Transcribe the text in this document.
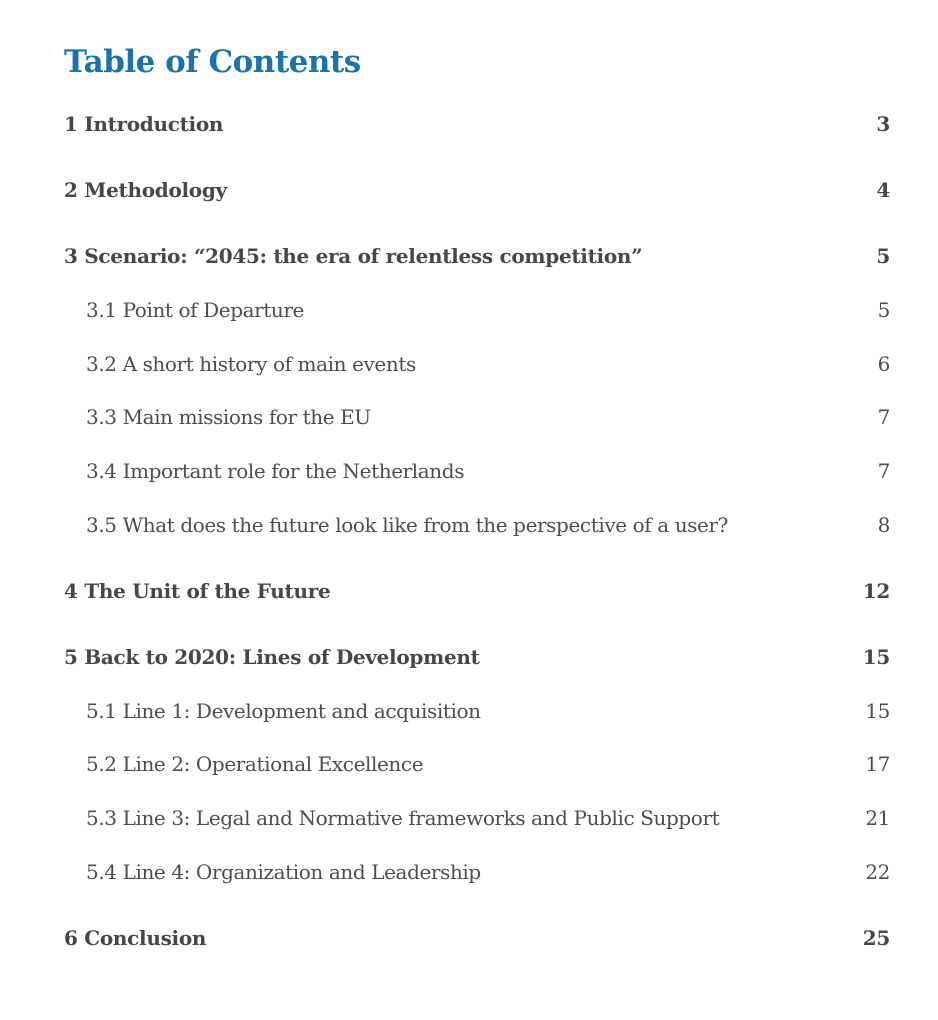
Table of Contents
1 Introduction	3
2 Methodology	4
3 Scenario: “2045: the era of relentless competition”	5
3.1 Point of Departure	5
3.2 A short history of main events	6
3.3 Main missions for the EU	7
3.4 Important role for the Netherlands	7
3.5 What does the future look like from the perspective of a user?	8
4 The Unit of the Future	12
5 Back to 2020: Lines of Development	15
5.1 Line 1: Development and acquisition	15
5.2 Line 2: Operational Excellence	17
5.3 Line 3: Legal and Normative frameworks and Public Support	21
5.4 Line 4: Organization and Leadership	22
6 Conclusion	25
